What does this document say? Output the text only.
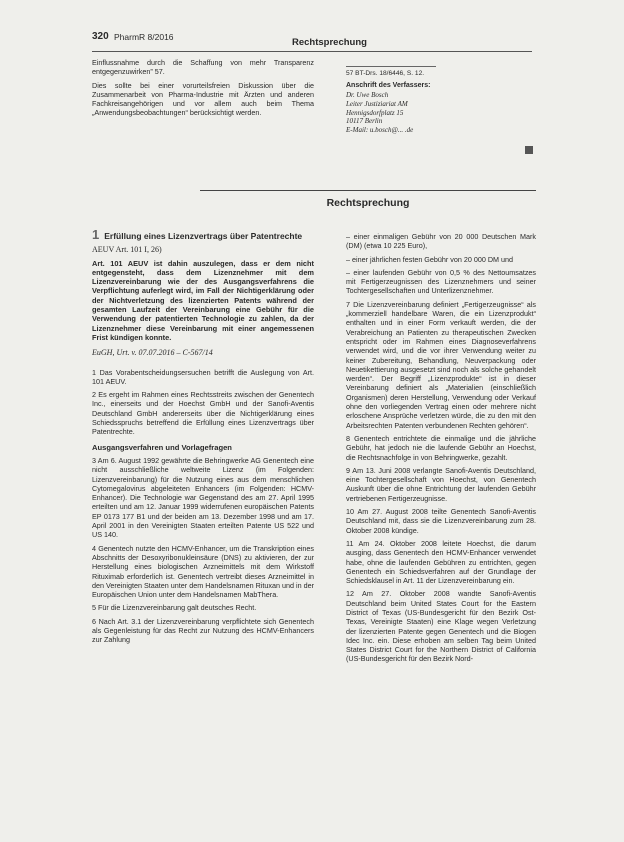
320 PharmR 8/2016	Rechtsprechung

Einflussnahme durch die Schaffung von mehr Transparenz entgegenzuwirken” 57.

Dies sollte bei einer vorurteilsfreien Diskussion über die Zusammenarbeit von Pharma-Industrie mit Ärzten und anderen Fachkreisangehörigen und vor allem auch beim Thema „Anwendungsbeobachtungen“ berücksichtigt werden.

57 BT-Drs. 18/6446, S. 12.

Anschrift des Verfassers:
Dr. Uwe Bosch
Leiter Justiziariat AM
Hennigsdorfplatz 15
10117 Berlin
E-Mail: u.bosch@... .de
Rechtsprechung
1 Erfüllung eines Lizenzvertrags über Patentrechte
AEUV Art. 101 I, 26)
Art. 101 AEUV ist dahin auszulegen, dass er dem nicht entgegensteht, dass dem Lizenznehmer mit dem Lizenzvereinbarung wie der des Ausgangsverfahrens die Verpflichtung auferlegt wird, im Fall der Nichtigerklärung oder der Nichtverletzung des lizenzierten Patents während der gesamten Laufzeit der Vereinbarung eine Gebühr für die Verwendung der patentierten Technologie zu zahlen, da der Lizenznehmer diese Vereinbarung mit einer angemessenen Frist kündigen konnte.
EuGH, Urt. v. 07.07.2016 – C-567/14

1 Das Vorabentscheidungsersuchen betrifft die Auslegung von Art. 101 AEUV.

2 Es ergeht im Rahmen eines Rechtsstreits zwischen der Genentech Inc., einerseits und der Hoechst GmbH und der Sanofi-Aventis Deutschland GmbH andererseits über die Nichtigerklärung eines Schiedsspruchs betreffend die Erfüllung eines Lizenzvertrags über Patentrechte.

Ausgangsverfahren und Vorlagefragen

3 Am 6. August 1992 gewährte die Behringwerke AG Genentech eine nicht ausschließliche weltweite Lizenz (im Folgenden: Lizenzvereinbarung) für die Nutzung eines aus dem menschlichen Cytomegalovirus abgeleiteten Enhancers (im Folgenden: HCMV-Enhancer). Die Technologie war Gegenstand des am 27. April 1995 erteilten und am 12. Januar 1999 widerrufenen europäischen Patents EP 0173 177 B1 und der beiden am 13. Dezember 1998 und am 17. April 2001 in den Vereinigten Staaten erteilten Patente US 522 und US 140.

4 Genentech nutzte den HCMV-Enhancer, um die Transkription eines Abschnitts der Desoxyribonukleinsäure (DNS) zu aktivieren, der zur Herstellung eines biologischen Arzneimittels mit dem Wirkstoff Rituximab erforderlich ist. Genentech vertreibt dieses Arzneimittel in den Vereinigten Staaten unter dem Handelsnamen Rituxan und in der Europäischen Union unter dem Handelsnamen MabThera.

5 Für die Lizenzvereinbarung galt deutsches Recht.

6 Nach Art. 3.1 der Lizenzvereinbarung verpflichtete sich Genentech als Gegenleistung für das Recht zur Nutzung des HCMV-Enhancers zur Zahlung

– einer einmaligen Gebühr von 20 000 Deutschen Mark (DM) (etwa 10 225 Euro),

– einer jährlichen festen Gebühr von 20 000 DM und

– einer laufenden Gebühr von 0,5 % des Nettoumsatzes mit Fertigerzeugnissen des Lizenznehmers und seiner Tochtergesellschaften und Unterlizenznehmer.

7 Die Lizenzvereinbarung definiert „Fertigerzeugnisse“ als „kommerziell handelbare Waren, die ein Lizenzprodukt“ enthalten und in einer Form verkauft werden, die der Verabreichung an Patienten zu therapeutischen Zwecken entspricht oder im Rahmen eines Diagnoseverfahrens verwendet wird, und die vor ihrer Verwendung weiter zu keiner Zubereitung, Behandlung, Neuverpackung oder Neuetikettierung ausgesetzt sind noch als solche gehandelt werden“. Der Begriff „Lizenzprodukte“ ist in dieser Vereinbarung definiert als „Materialien (einschließlich Organismen) deren Herstellung, Verwendung oder Verkauf ohne den vorliegenden Vertrag einen oder mehrere nicht erloschene Ansprüche verletzen würde, die zu den mit den Arbeitsrechten Patenten verbundenen Rechten gehören“.

8 Genentech entrichtete die einmalige und die jährliche Gebühr, hat jedoch nie die laufende Gebühr an Hoechst, die Rechtsnachfolge in von Behringwerke, gezahlt.

9 Am 13. Juni 2008 verlangte Sanofi-Aventis Deutschland, eine Tochtergesellschaft von Hoechst, von Genentech Auskunft über die ohne Entrichtung der laufenden Gebühr vertriebenen Fertigerzeugnisse.

10 Am 27. August 2008 teilte Genentech Sanofi-Aventis Deutschland mit, dass sie die Lizenzvereinbarung zum 28. Oktober 2008 kündige.

11 Am 24. Oktober 2008 leitete Hoechst, die darum ausging, dass Genentech den HCMV-Enhancer verwendet habe, ohne die laufenden Gebühren zu entrichten, gegen Genentech ein Schiedsverfahren auf der Grundlage der Schiedsklausel in Art. 11 der Lizenzvereinbarung ein.

12 Am 27. Oktober 2008 wandte Sanofi-Aventis Deutschland beim United States Court for the Eastern District of Texas (US-Bundesgericht für den Bezirk Ost-Texas, Vereinigte Staaten) eine Klage wegen Verletzung der lizenzierten Patente gegen Genentech und die Biogen Idec Inc. ein. Diese erhoben am selben Tag beim United States District Court for the Northern District of California (US-Bundesgericht für den Bezirk Nord-
